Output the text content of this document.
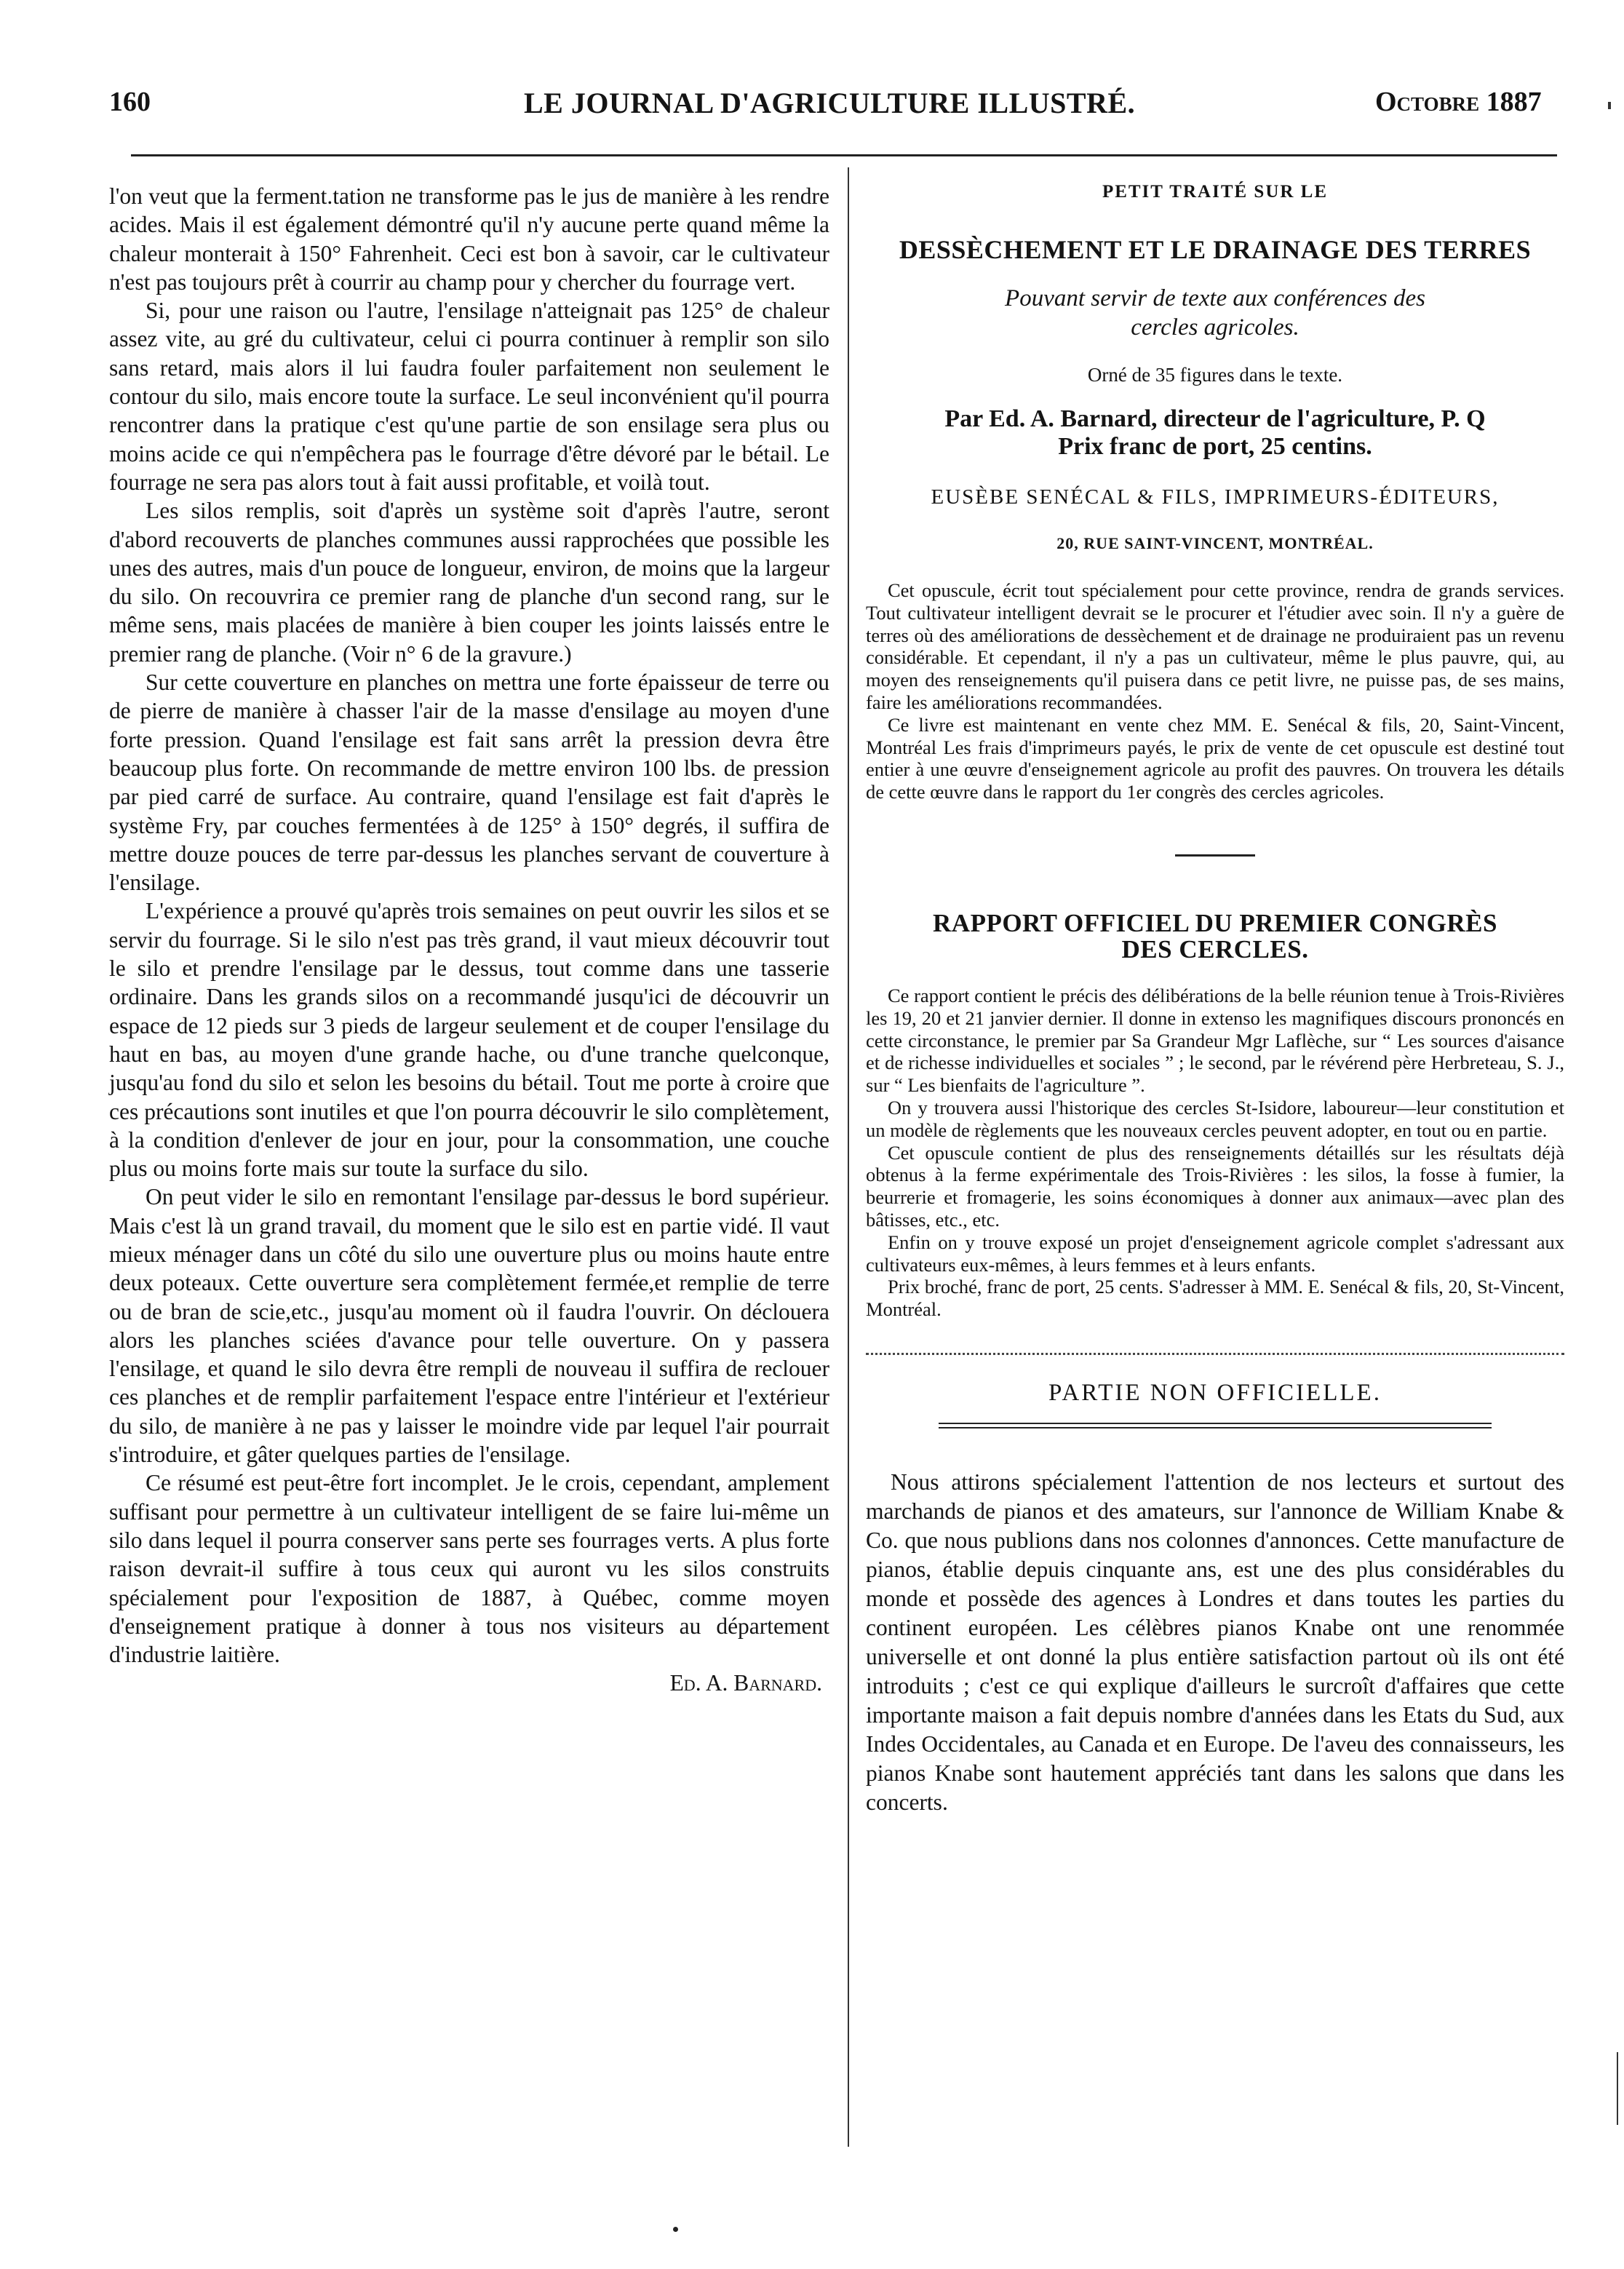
160	LE JOURNAL D'AGRICULTURE ILLUSTRÉ.	Octobre 1887

l'on veut que la ferment.tation ne transforme pas le jus de manière à les rendre acides. Mais il est également démontré qu'il n'y aucune perte quand même la chaleur monterait à 150° Fahrenheit. Ceci est bon à savoir, car le cultivateur n'est pas toujours prêt à courrir au champ pour y chercher du fourrage vert.

Si, pour une raison ou l'autre, l'ensilage n'atteignait pas 125° de chaleur assez vite, au gré du cultivateur, celui ci pourra continuer à remplir son silo sans retard, mais alors il lui faudra fouler parfaitement non seulement le contour du silo, mais encore toute la surface. Le seul inconvénient qu'il pourra rencontrer dans la pratique c'est qu'une partie de son ensilage sera plus ou moins acide ce qui n'empêchera pas le fourrage d'être dévoré par le bétail. Le fourrage ne sera pas alors tout à fait aussi profitable, et voilà tout.

Les silos remplis, soit d'après un système soit d'après l'autre, seront d'abord recouverts de planches communes aussi rapprochées que possible les unes des autres, mais d'un pouce de longueur, environ, de moins que la largeur du silo. On recouvrira ce premier rang de planche d'un second rang, sur le même sens, mais placées de manière à bien couper les joints laissés entre le premier rang de planche. (Voir n° 6 de la gravure.)

Sur cette couverture en planches on mettra une forte épaisseur de terre ou de pierre de manière à chasser l'air de la masse d'ensilage au moyen d'une forte pression. Quand l'ensilage est fait sans arrêt la pression devra être beaucoup plus forte. On recommande de mettre environ 100 lbs. de pression par pied carré de surface. Au contraire, quand l'ensilage est fait d'après le système Fry, par couches fermentées à de 125° à 150° degrés, il suffira de mettre douze pouces de terre par-dessus les planches servant de couverture à l'ensilage.

L'expérience a prouvé qu'après trois semaines on peut ouvrir les silos et se servir du fourrage. Si le silo n'est pas très grand, il vaut mieux découvrir tout le silo et prendre l'ensilage par le dessus, tout comme dans une tasserie ordinaire. Dans les grands silos on a recommandé jusqu'ici de découvrir un espace de 12 pieds sur 3 pieds de largeur seulement et de couper l'ensilage du haut en bas, au moyen d'une grande hache, ou d'une tranche quelconque, jusqu'au fond du silo et selon les besoins du bétail. Tout me porte à croire que ces précautions sont inutiles et que l'on pourra découvrir le silo complètement, à la condition d'enlever de jour en jour, pour la consommation, une couche plus ou moins forte mais sur toute la surface du silo.

On peut vider le silo en remontant l'ensilage par-dessus le bord supérieur. Mais c'est là un grand travail, du moment que le silo est en partie vidé. Il vaut mieux ménager dans un côté du silo une ouverture plus ou moins haute entre deux poteaux. Cette ouverture sera complètement fermée,et remplie de terre ou de bran de scie,etc., jusqu'au moment où il faudra l'ouvrir. On déclouera alors les planches sciées d'avance pour telle ouverture. On y passera l'ensilage, et quand le silo devra être rempli de nouveau il suffira de reclouer ces planches et de remplir parfaitement l'espace entre l'intérieur et l'extérieur du silo, de manière à ne pas y laisser le moindre vide par lequel l'air pourrait s'introduire, et gâter quelques parties de l'ensilage.

Ce résumé est peut-être fort incomplet. Je le crois, cependant, amplement suffisant pour permettre à un cultivateur intelligent de se faire lui-même un silo dans lequel il pourra conserver sans perte ses fourrages verts. A plus forte raison devrait-il suffire à tous ceux qui auront vu les silos construits spécialement pour l'exposition de 1887, à Québec, comme moyen d'enseignement pratique à donner à tous nos visiteurs au département d'industrie laitière.

Ed. A. Barnard.

PETIT TRAITÉ SUR LE

DESSÈCHEMENT ET LE DRAINAGE DES TERRES

Pouvant servir de texte aux conférences des cercles agricoles.

Orné de 35 figures dans le texte.

Par Ed. A. Barnard, directeur de l'agriculture, P. Q
Prix franc de port, 25 centins.

EUSÈBE SENÉCAL & FILS, IMPRIMEURS-ÉDITEURS,

20, RUE SAINT-VINCENT, MONTRÉAL.

Cet opuscule, écrit tout spécialement pour cette province, rendra de grands services. Tout cultivateur intelligent devrait se le procurer et l'étudier avec soin. Il n'y a guère de terres où des améliorations de dessèchement et de drainage ne produiraient pas un revenu considérable. Et cependant, il n'y a pas un cultivateur, même le plus pauvre, qui, au moyen des renseignements qu'il puisera dans ce petit livre, ne puisse pas, de ses mains, faire les améliorations recommandées.

Ce livre est maintenant en vente chez MM. E. Senécal & fils, 20, Saint-Vincent, Montréal Les frais d'imprimeurs payés, le prix de vente de cet opuscule est destiné tout entier à une œuvre d'enseignement agricole au profit des pauvres. On trouvera les détails de cette œuvre dans le rapport du 1er congrès des cercles agricoles.

RAPPORT OFFICIEL DU PREMIER CONGRÈS
DES CERCLES.

Ce rapport contient le précis des délibérations de la belle réunion tenue à Trois-Rivières les 19, 20 et 21 janvier dernier. Il donne in extenso les magnifiques discours prononcés en cette circonstance, le premier par Sa Grandeur Mgr Laflèche, sur “ Les sources d'aisance et de richesse individuelles et sociales ” ; le second, par le révérend père Herbreteau, S. J., sur “ Les bienfaits de l'agriculture ”.

On y trouvera aussi l'historique des cercles St-Isidore, laboureur—leur constitution et un modèle de règlements que les nouveaux cercles peuvent adopter, en tout ou en partie.

Cet opuscule contient de plus des renseignements détaillés sur les résultats déjà obtenus à la ferme expérimentale des Trois-Rivières : les silos, la fosse à fumier, la beurrerie et fromagerie, les soins économiques à donner aux animaux—avec plan des bâtisses, etc., etc.

Enfin on y trouve exposé un projet d'enseignement agricole complet s'adressant aux cultivateurs eux-mêmes, à leurs femmes et à leurs enfants.

Prix broché, franc de port, 25 cents. S'adresser à MM. E. Senécal & fils, 20, St-Vincent, Montréal.

PARTIE NON OFFICIELLE.

Nous attirons spécialement l'attention de nos lecteurs et surtout des marchands de pianos et des amateurs, sur l'annonce de William Knabe & Co. que nous publions dans nos colonnes d'annonces. Cette manufacture de pianos, établie depuis cinquante ans, est une des plus considérables du monde et possède des agences à Londres et dans toutes les parties du continent européen. Les célèbres pianos Knabe ont une renommée universelle et ont donné la plus entière satisfaction partout où ils ont été introduits ; c'est ce qui explique d'ailleurs le surcroît d'affaires que cette importante maison a fait depuis nombre d'années dans les Etats du Sud, aux Indes Occidentales, au Canada et en Europe. De l'aveu des connaisseurs, les pianos Knabe sont hautement appréciés tant dans les salons que dans les concerts.
